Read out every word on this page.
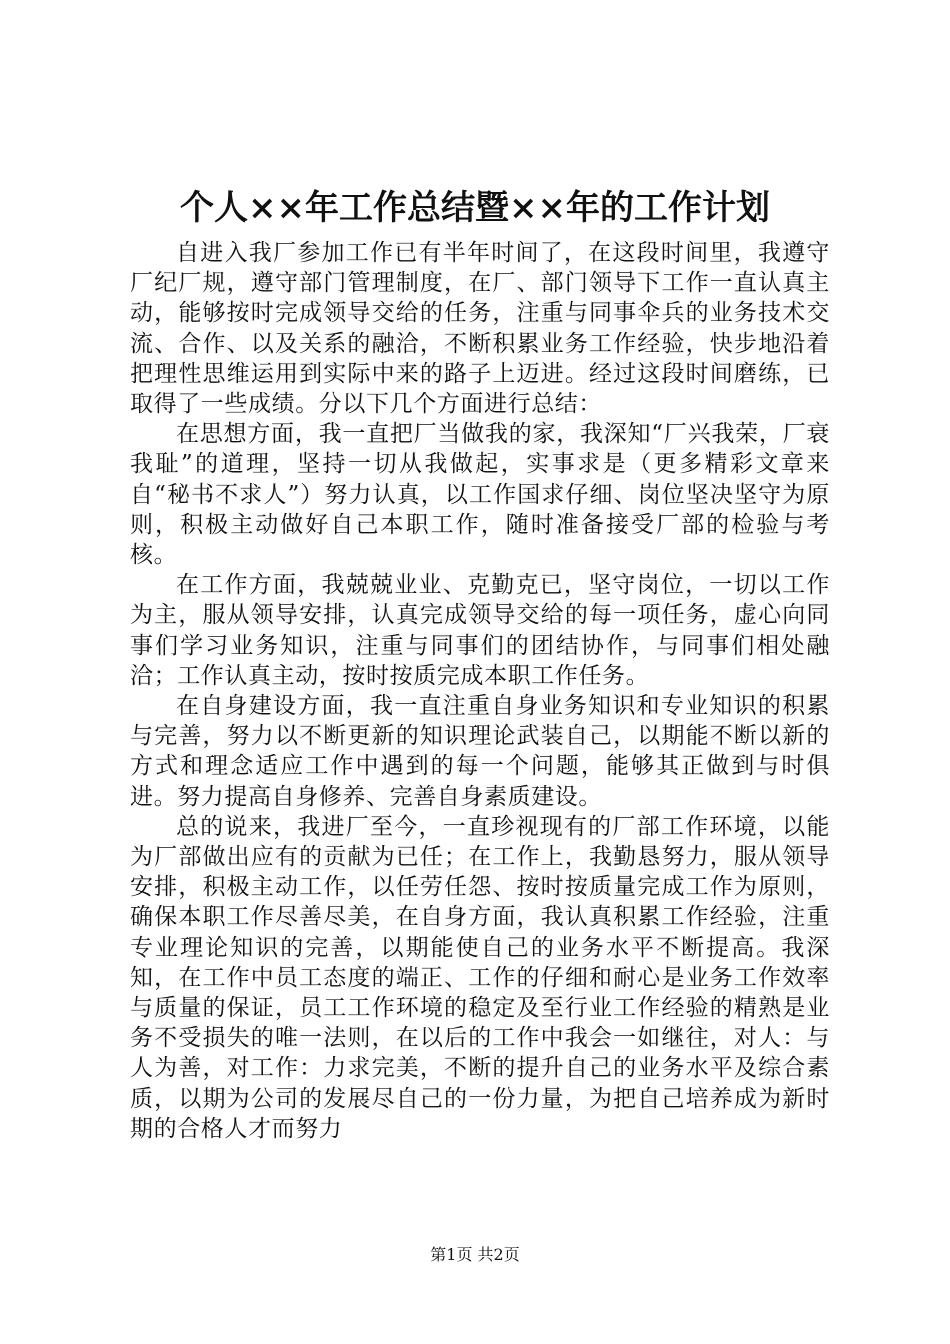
个人××年工作总结暨××年的工作计划

自进入我厂参加工作已有半年时间了，在这段时间里，我遵守厂纪厂规，遵守部门管理制度，在厂、部门领导下工作一直认真主动，能够按时完成领导交给的任务，注重与同事伞兵的业务技术交流、合作、以及关系的融洽，不断积累业务工作经验，快步地沿着把理性思维运用到实际中来的路子上迈进。经过这段时间磨练，已取得了一些成绩。分以下几个方面进行总结：

在思想方面，我一直把厂当做我的家，我深知“厂兴我荣，厂衰我耻”的道理，坚持一切从我做起，实事求是（更多精彩文章来自“秘书不求人”）努力认真，以工作国求仔细、岗位坚决坚守为原则，积极主动做好自己本职工作，随时准备接受厂部的检验与考核。

在工作方面，我兢兢业业、克勤克已，坚守岗位，一切以工作为主，服从领导安排，认真完成领导交给的每一项任务，虚心向同事们学习业务知识，注重与同事们的团结协作，与同事们相处融洽；工作认真主动，按时按质完成本职工作任务。

在自身建设方面，我一直注重自身业务知识和专业知识的积累与完善，努力以不断更新的知识理论武装自己，以期能不断以新的方式和理念适应工作中遇到的每一个问题，能够其正做到与时俱进。努力提高自身修养、完善自身素质建设。

总的说来，我进厂至今，一直珍视现有的厂部工作环境，以能为厂部做出应有的贡献为已任；在工作上，我勤恳努力，服从领导安排，积极主动工作，以任劳任怨、按时按质量完成工作为原则，确保本职工作尽善尽美，在自身方面，我认真积累工作经验，注重专业理论知识的完善，以期能使自己的业务水平不断提高。我深知，在工作中员工态度的端正、工作的仔细和耐心是业务工作效率与质量的保证，员工工作环境的稳定及至行业工作经验的精熟是业务不受损失的唯一法则，在以后的工作中我会一如继往，对人：与人为善，对工作：力求完美，不断的提升自己的业务水平及综合素质，以期为公司的发展尽自己的一份力量，为把自己培养成为新时期的合格人才而努力

第1页 共2页
